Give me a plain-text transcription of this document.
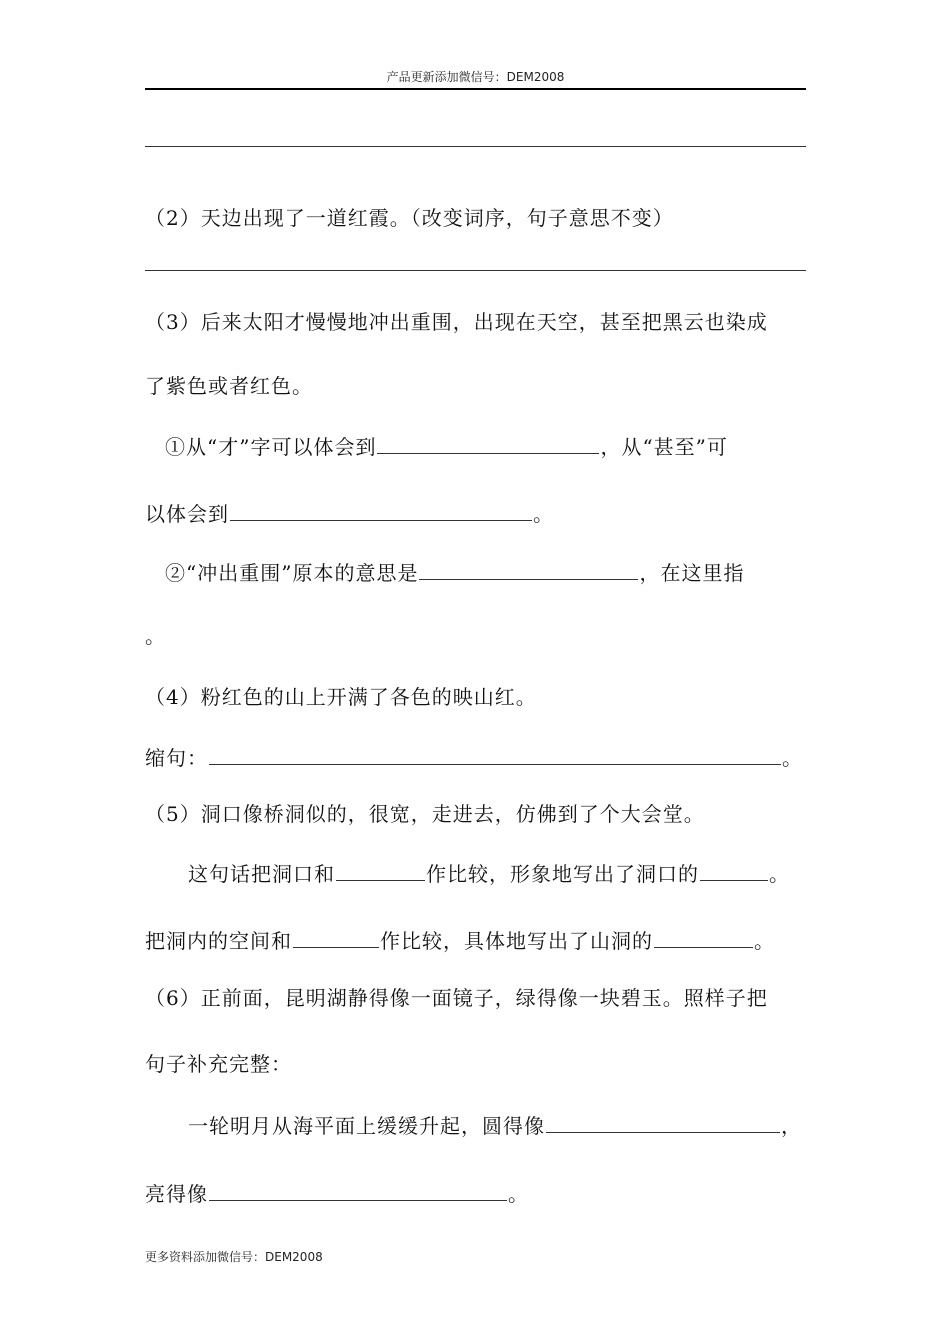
产品更新添加微信号：DEM2008
（2）天边出现了一道红霞。（改变词序，句子意思不变）
（3）后来太阳才慢慢地冲出重围，出现在天空，甚至把黑云也染成
了紫色或者红色。
①从“才”字可以体会到	，从“甚至”可
以体会到	。
②“冲出重围”原本的意思是	，在这里指
。
（4）粉红色的山上开满了各色的映山红。
缩句：	。
（5）洞口像桥洞似的，很宽，走进去，仿佛到了个大会堂。
这句话把洞口和	作比较，形象地写出了洞口的	。
把洞内的空间和	作比较，具体地写出了山洞的	。
（6）正前面，昆明湖静得像一面镜子，绿得像一块碧玉。照样子把
句子补充完整：
一轮明月从海平面上缓缓升起，圆得像	，
亮得像	。
更多资料添加微信号：DEM2008
